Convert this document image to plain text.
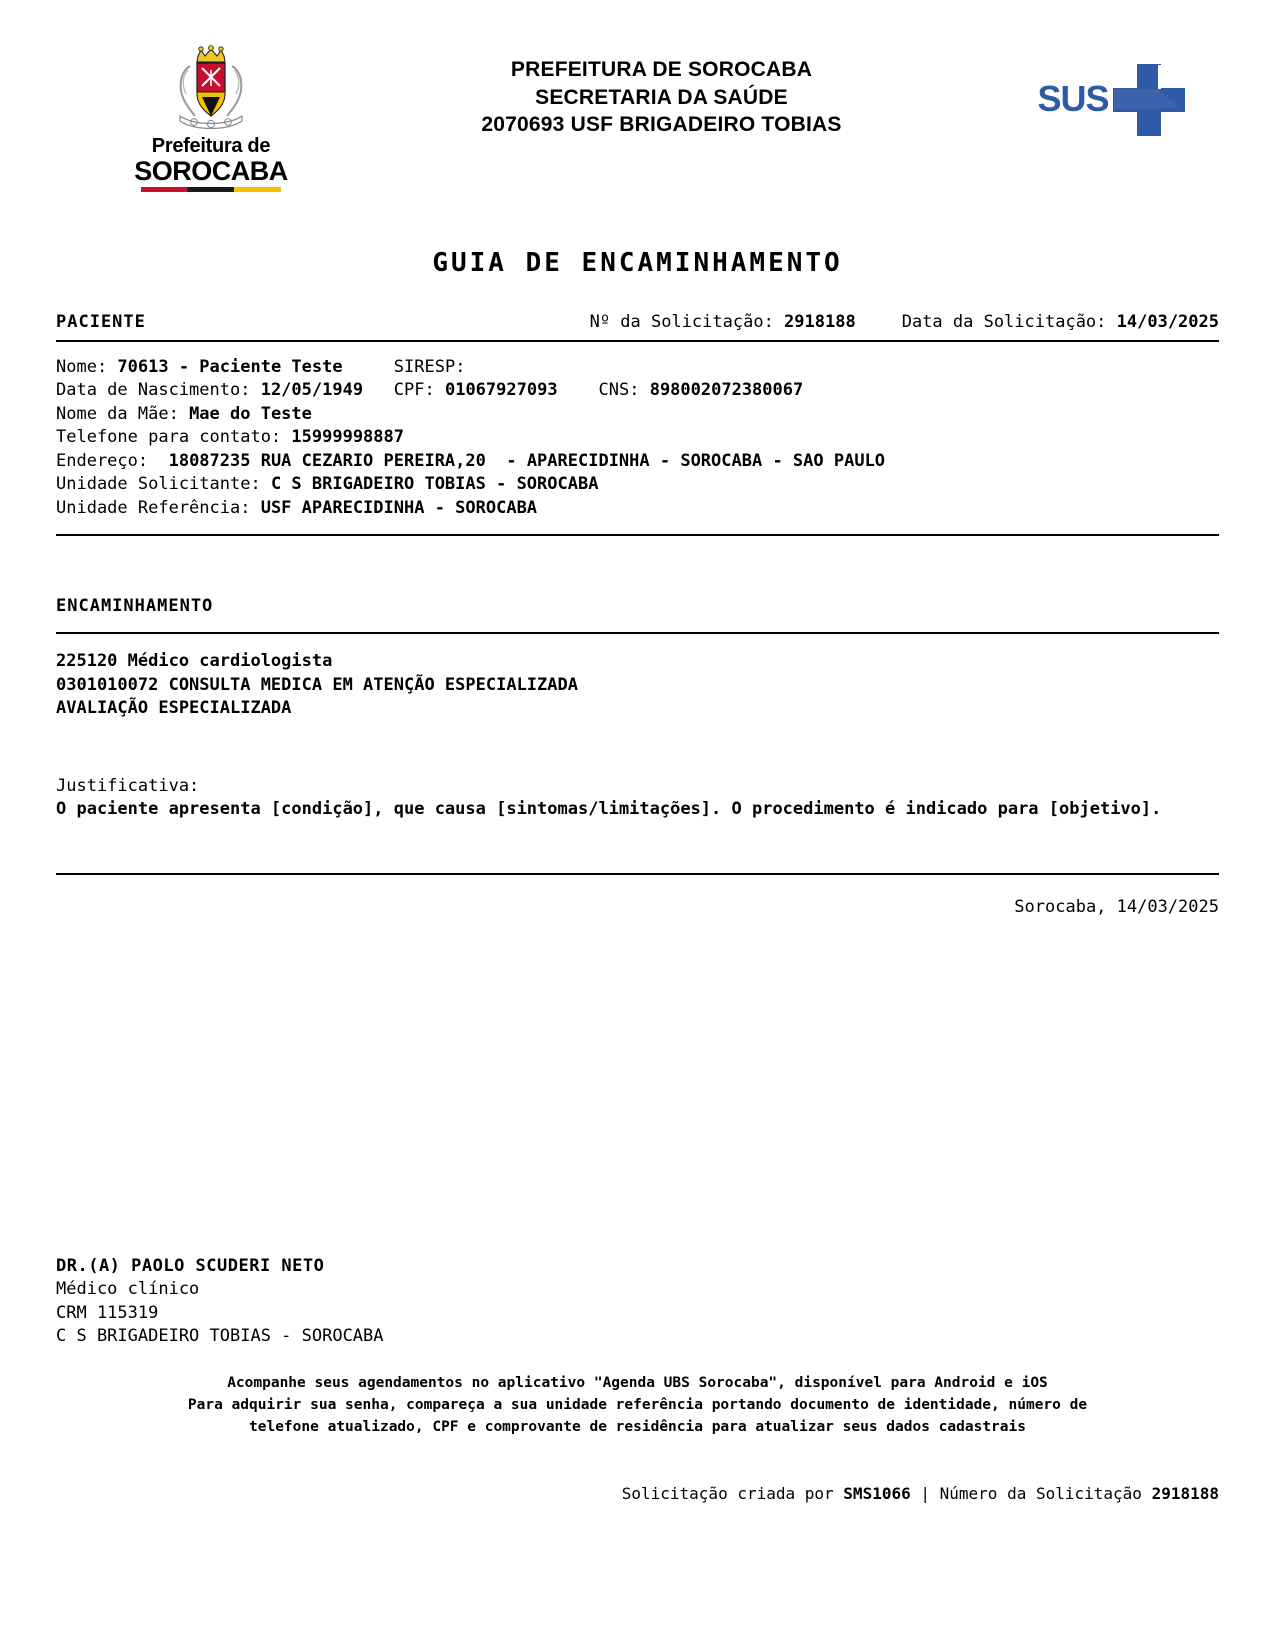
Prefeitura de
SOROCABA
PREFEITURA DE SOROCABA
SECRETARIA DA SAÚDE
2070693 USF BRIGADEIRO TOBIAS
SUS
GUIA DE ENCAMINHAMENTO
PACIENTE	Nº da Solicitação: 2918188	Data da Solicitação: 14/03/2025
Nome: 70613 - Paciente Teste	SIRESP:
Data de Nascimento: 12/05/1949 CPF: 01067927093 CNS: 898002072380067
Nome da Mãe: Mae do Teste
Telefone para contato: 15999998887
Endereço:  18087235 RUA CEZARIO PEREIRA,20  - APARECIDINHA - SOROCABA - SAO PAULO
Unidade Solicitante: C S BRIGADEIRO TOBIAS - SOROCABA
Unidade Referência: USF APARECIDINHA - SOROCABA
ENCAMINHAMENTO
225120 Médico cardiologista
0301010072 CONSULTA MEDICA EM ATENÇÃO ESPECIALIZADA
AVALIAÇÃO ESPECIALIZADA
Justificativa:
O paciente apresenta [condição], que causa [sintomas/limitações]. O procedimento é indicado para [objetivo].
Sorocaba, 14/03/2025
DR.(A) PAOLO SCUDERI NETO
Médico clínico
CRM 115319
C S BRIGADEIRO TOBIAS - SOROCABA
Acompanhe seus agendamentos no aplicativo "Agenda UBS Sorocaba", disponível para Android e iOS
Para adquirir sua senha, compareça a sua unidade referência portando documento de identidade, número de
telefone atualizado, CPF e comprovante de residência para atualizar seus dados cadastrais
Solicitação criada por SMS1066 | Número da Solicitação 2918188
